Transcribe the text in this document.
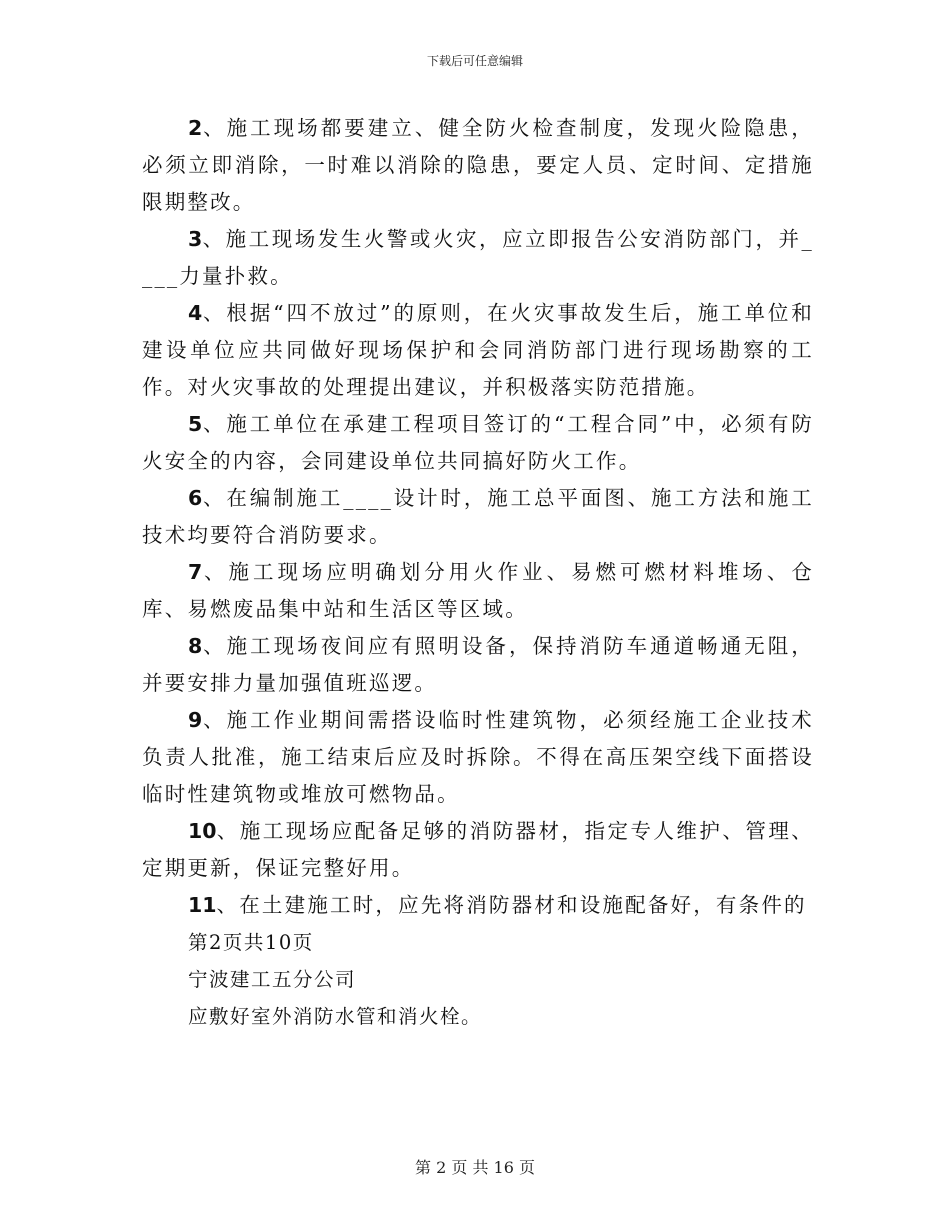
下载后可任意编辑

2、施工现场都要建立、健全防火检查制度，发现火险隐患，必须立即消除，一时难以消除的隐患，要定人员、定时间、定措施限期整改。

3、施工现场发生火警或火灾，应立即报告公安消防部门，并____力量扑救。

4、根据“四不放过”的原则，在火灾事故发生后，施工单位和建设单位应共同做好现场保护和会同消防部门进行现场勘察的工作。对火灾事故的处理提出建议，并积极落实防范措施。

5、施工单位在承建工程项目签订的“工程合同”中，必须有防火安全的内容，会同建设单位共同搞好防火工作。

6、在编制施工____设计时，施工总平面图、施工方法和施工技术均要符合消防要求。

7、施工现场应明确划分用火作业、易燃可燃材料堆场、仓库、易燃废品集中站和生活区等区域。

8、施工现场夜间应有照明设备，保持消防车通道畅通无阻，并要安排力量加强值班巡逻。

9、施工作业期间需搭设临时性建筑物，必须经施工企业技术负责人批准，施工结束后应及时拆除。不得在高压架空线下面搭设临时性建筑物或堆放可燃物品。

10、施工现场应配备足够的消防器材，指定专人维护、管理、定期更新，保证完整好用。

11、在土建施工时，应先将消防器材和设施配备好，有条件的

第2页共10页

宁波建工五分公司

应敷好室外消防水管和消火栓。

第 2 页 共 16 页
